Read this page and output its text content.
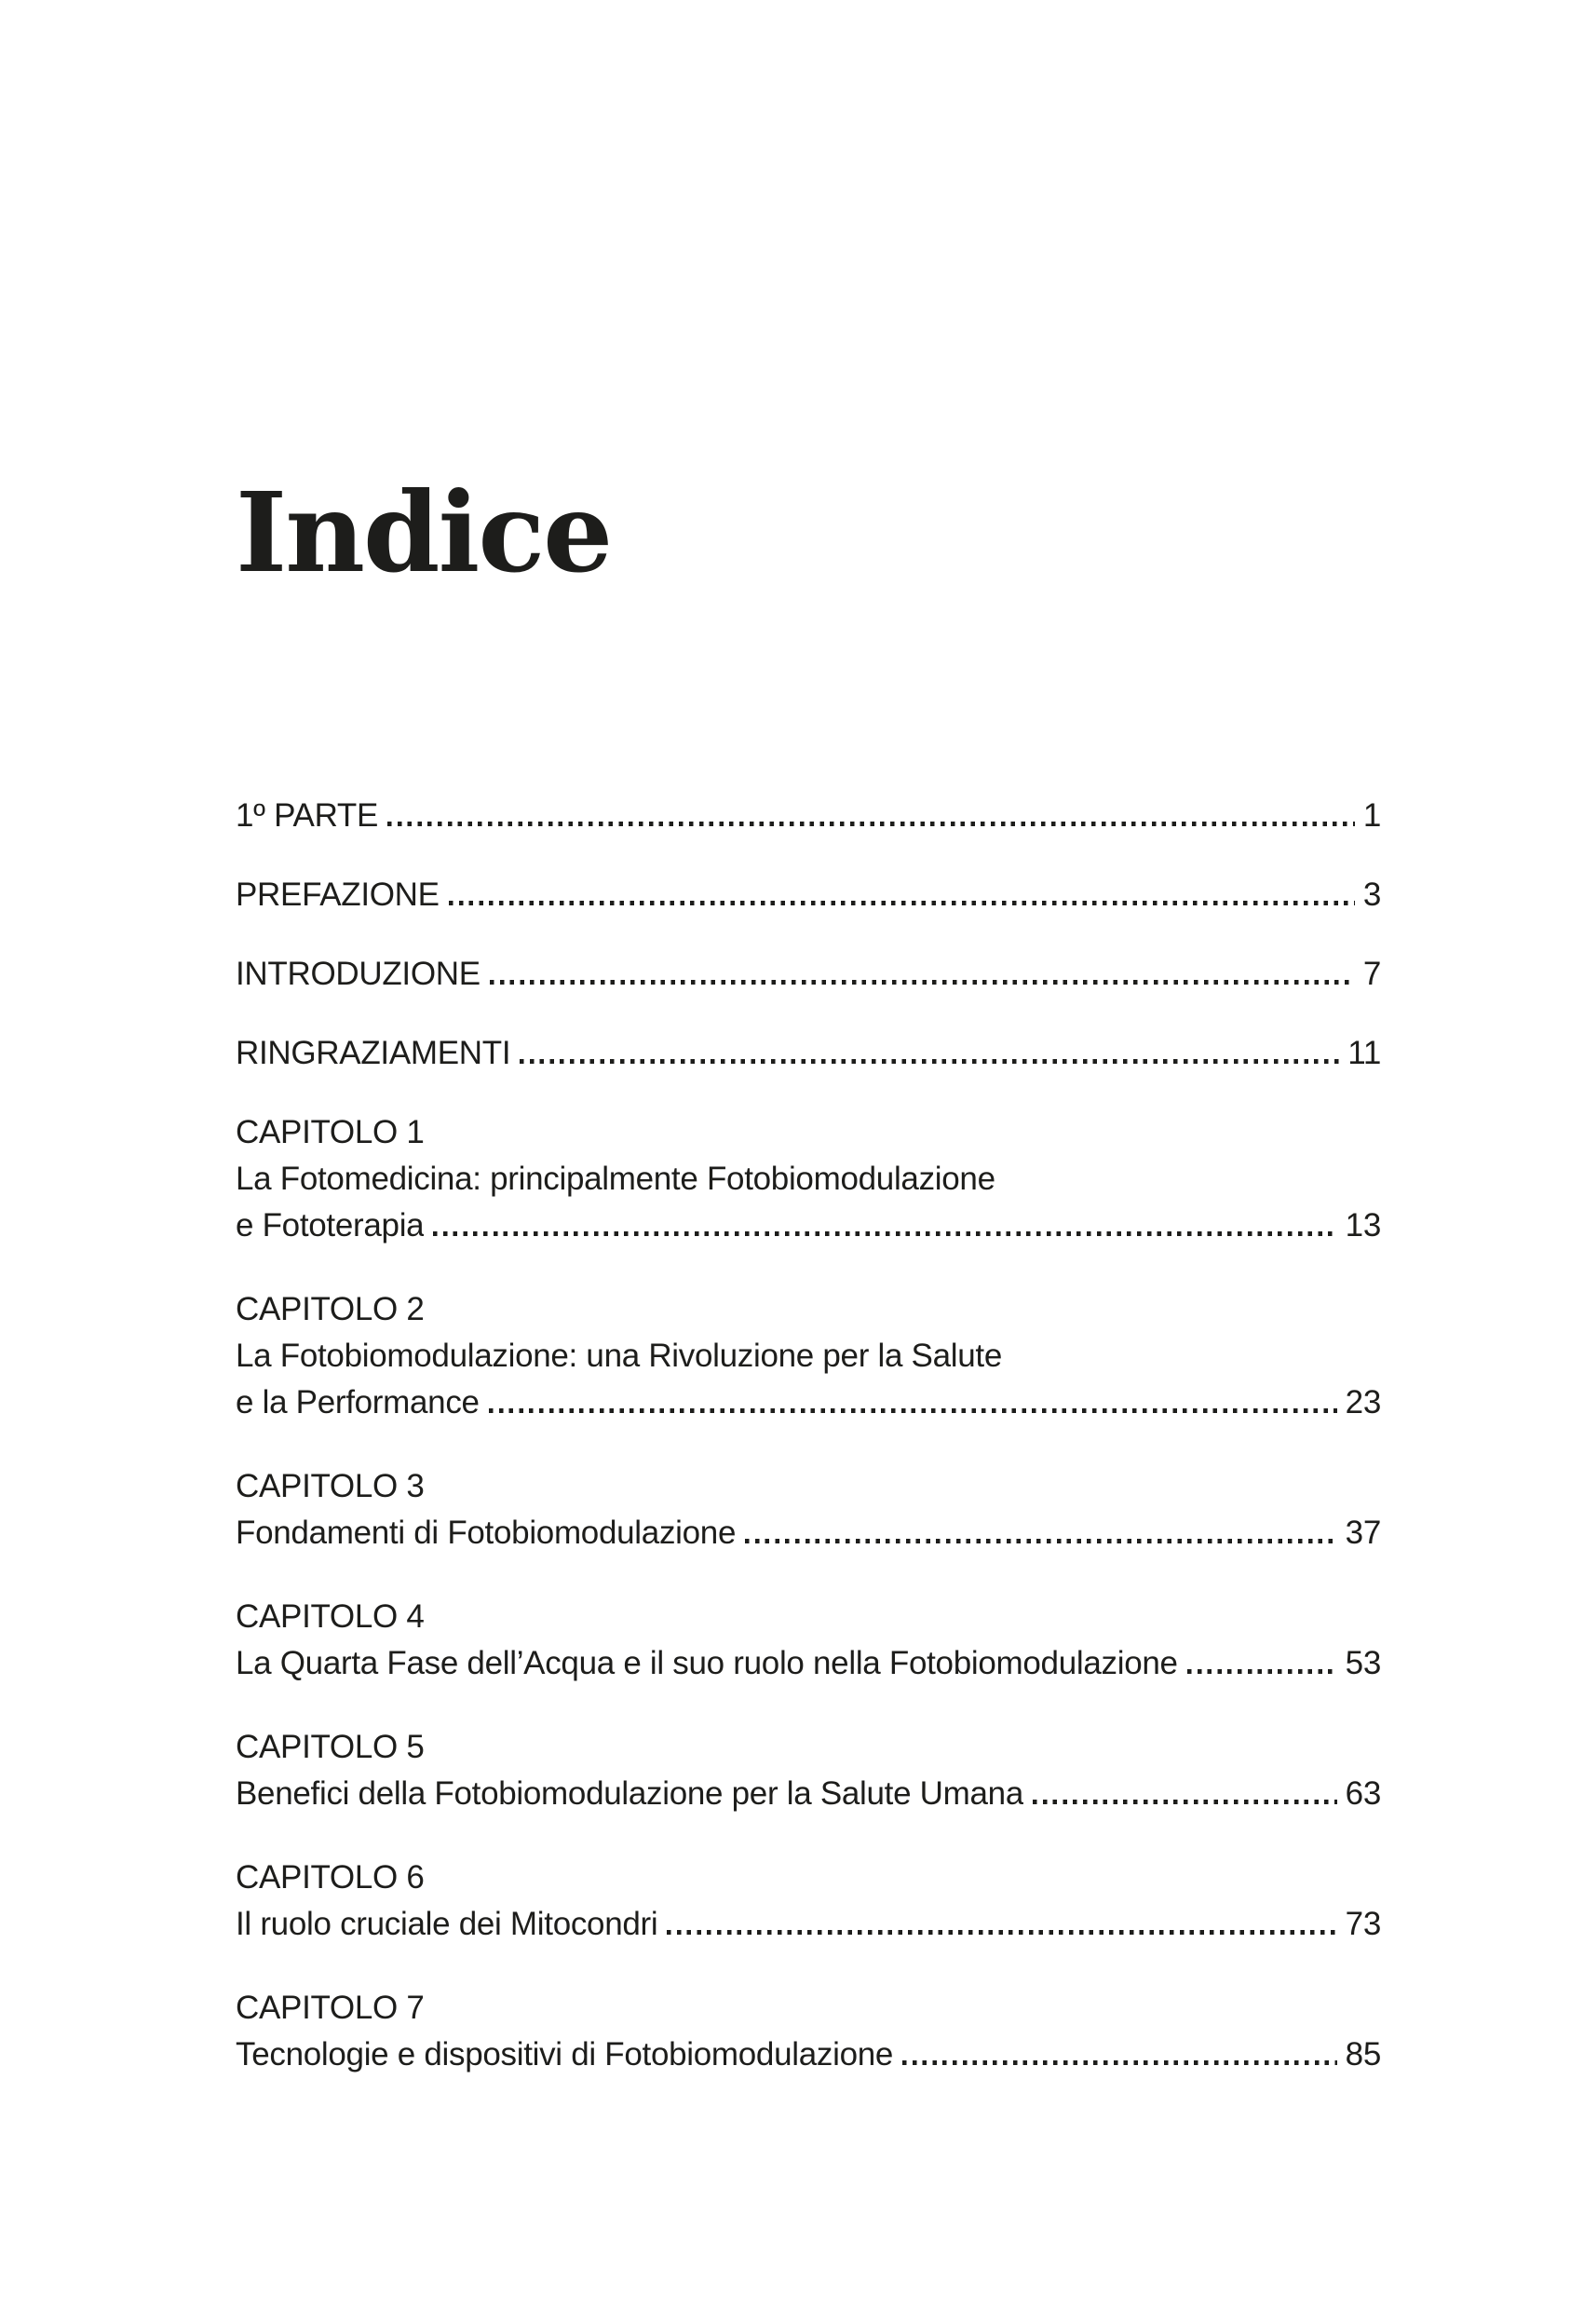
Indice
1º PARTE	1
PREFAZIONE	3
INTRODUZIONE	7
RINGRAZIAMENTI	11
CAPITOLO 1
La Fotomedicina: principalmente Fotobiomodulazione
e Fototerapia	13
CAPITOLO 2
La Fotobiomodulazione: una Rivoluzione per la Salute
e la Performance	23
CAPITOLO 3
Fondamenti di Fotobiomodulazione	37
CAPITOLO 4
La Quarta Fase dell’Acqua e il suo ruolo nella Fotobiomodulazione	53
CAPITOLO 5
Benefici della Fotobiomodulazione per la Salute Umana	63
CAPITOLO 6
Il ruolo cruciale dei Mitocondri	73
CAPITOLO 7
Tecnologie e dispositivi di Fotobiomodulazione	85
